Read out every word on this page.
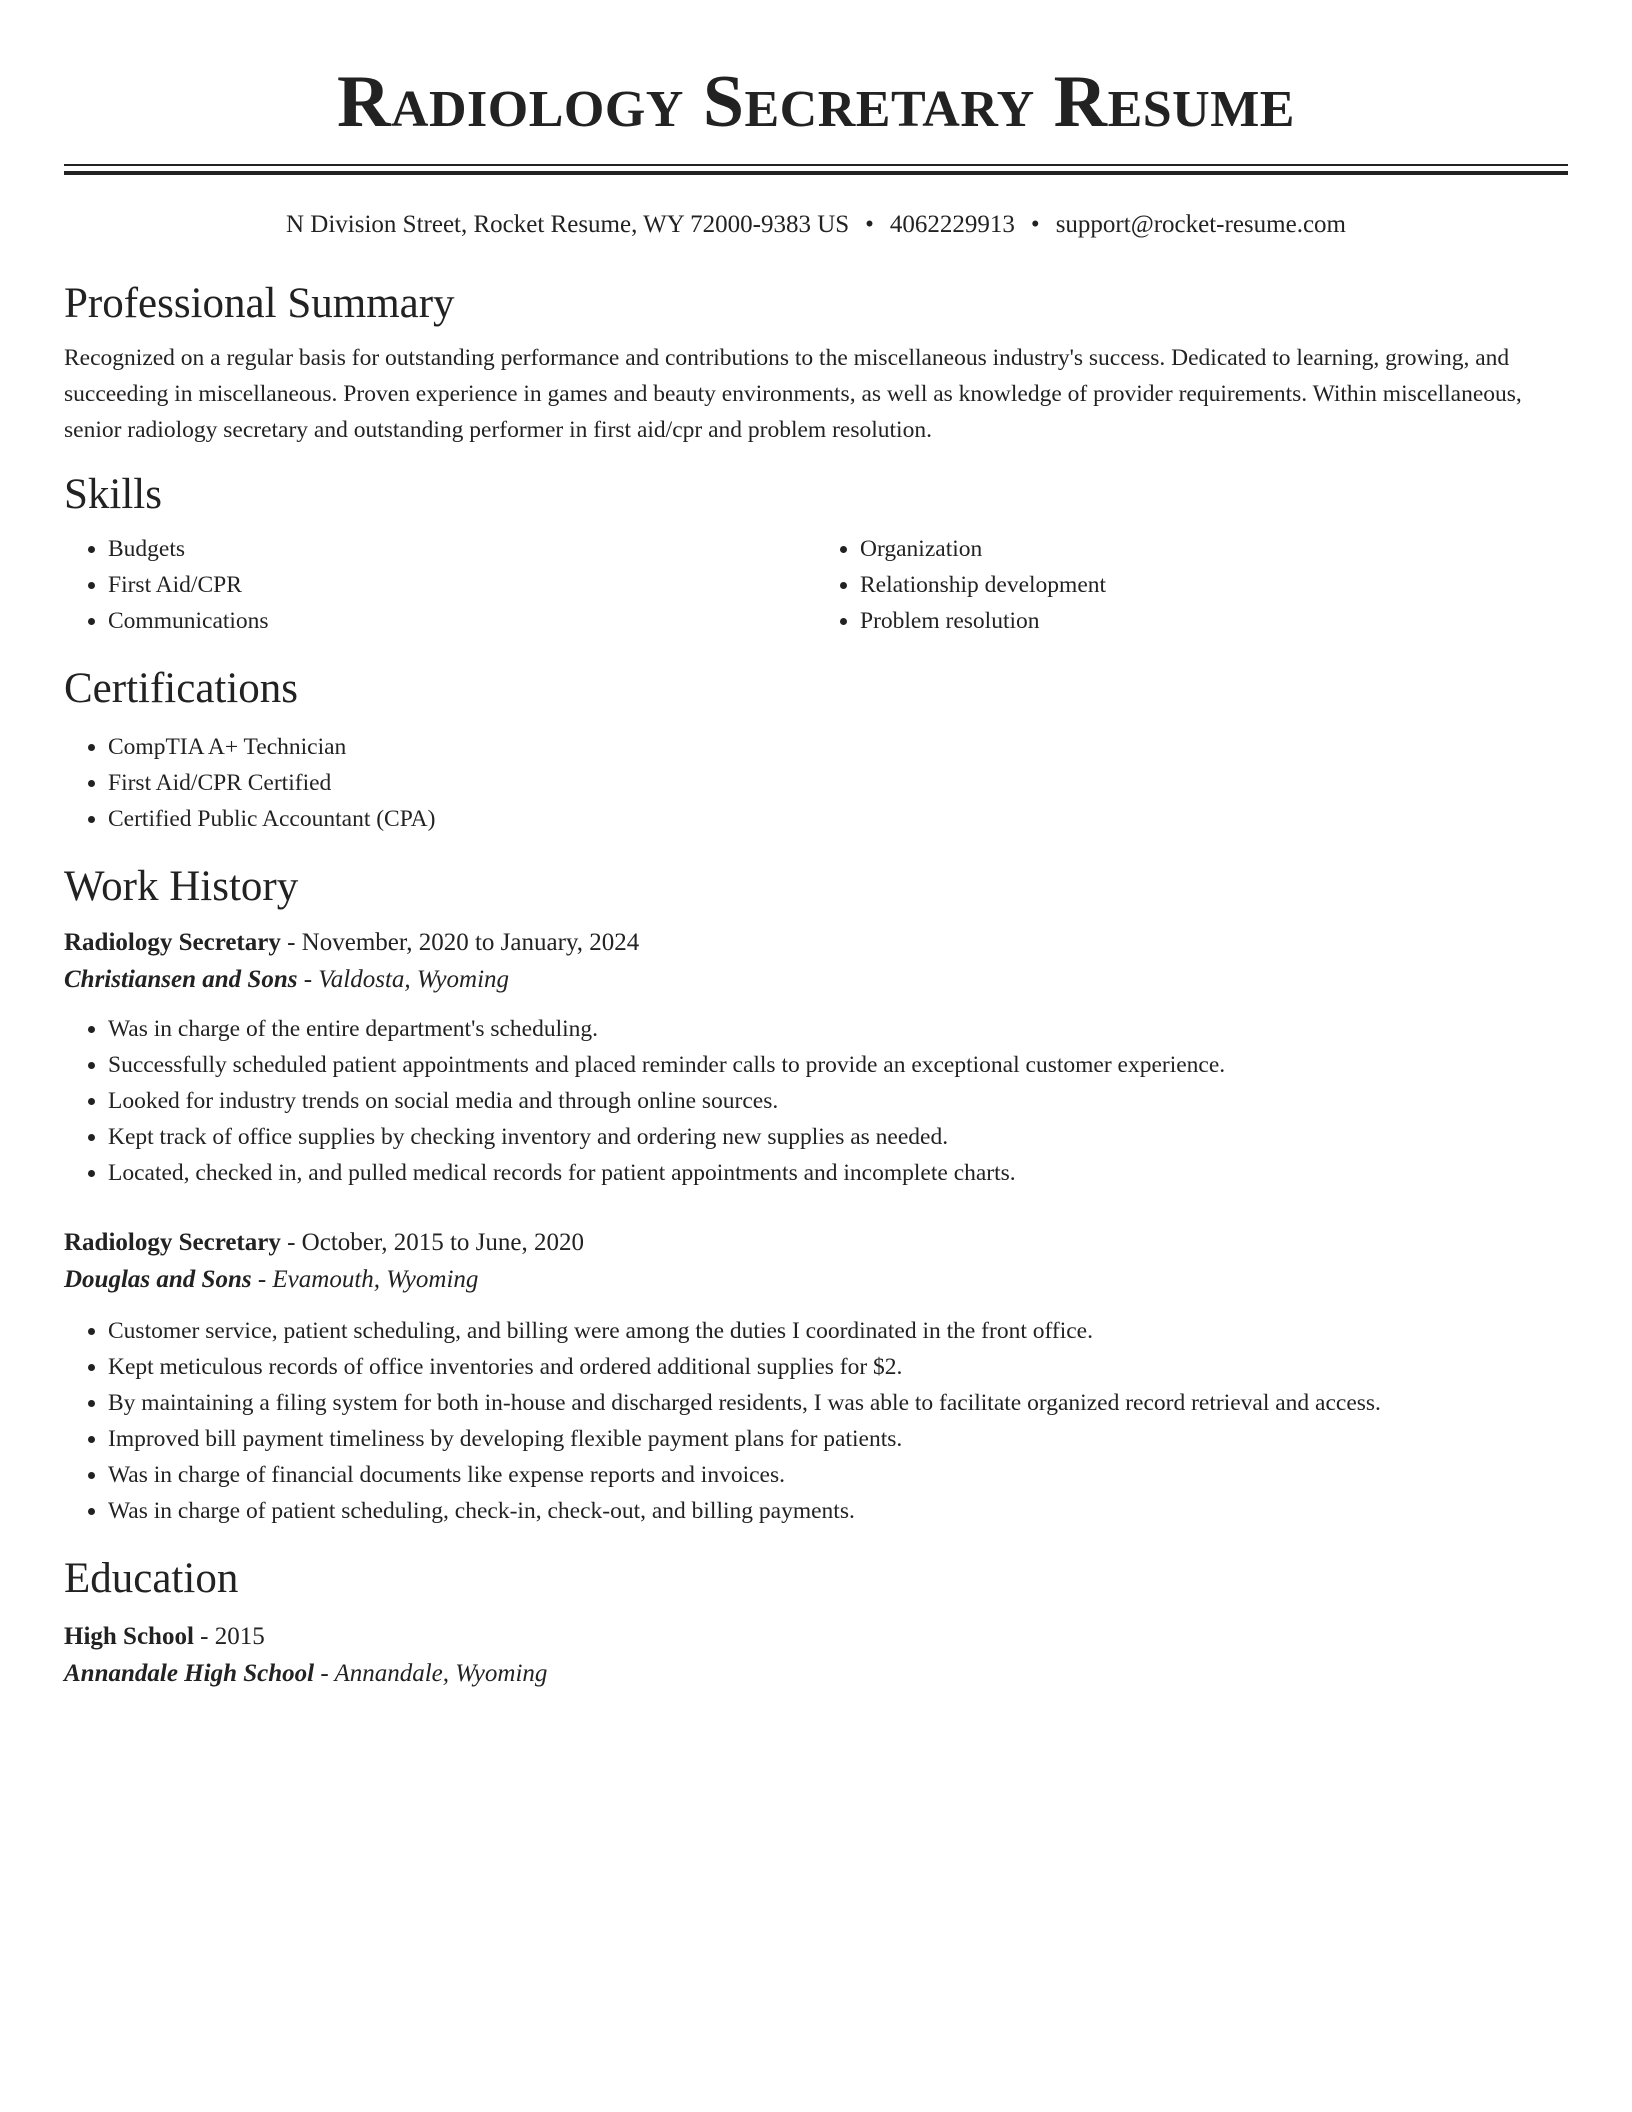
Radiology Secretary Resume
N Division Street, Rocket Resume, WY 72000-9383 US • 4062229913 • support@rocket-resume.com
Professional Summary

Recognized on a regular basis for outstanding performance and contributions to the miscellaneous industry's success. Dedicated to learning, growing, and succeeding in miscellaneous. Proven experience in games and beauty environments, as well as knowledge of provider requirements. Within miscellaneous, senior radiology secretary and outstanding performer in first aid/cpr and problem resolution.

Skills
• Budgets
• First Aid/CPR
• Communications
• Organization
• Relationship development
• Problem resolution
Certifications
• CompTIA A+ Technician
• First Aid/CPR Certified
• Certified Public Accountant (CPA)
Work History
Radiology Secretary - November, 2020 to January, 2024
Christiansen and Sons - Valdosta, Wyoming
• Was in charge of the entire department's scheduling.
• Successfully scheduled patient appointments and placed reminder calls to provide an exceptional customer experience.
• Looked for industry trends on social media and through online sources.
• Kept track of office supplies by checking inventory and ordering new supplies as needed.
• Located, checked in, and pulled medical records for patient appointments and incomplete charts.
Radiology Secretary - October, 2015 to June, 2020
Douglas and Sons - Evamouth, Wyoming
• Customer service, patient scheduling, and billing were among the duties I coordinated in the front office.
• Kept meticulous records of office inventories and ordered additional supplies for $2.
• By maintaining a filing system for both in-house and discharged residents, I was able to facilitate organized record retrieval and access.
• Improved bill payment timeliness by developing flexible payment plans for patients.
• Was in charge of financial documents like expense reports and invoices.
• Was in charge of patient scheduling, check-in, check-out, and billing payments.
Education
High School - 2015
Annandale High School - Annandale, Wyoming
